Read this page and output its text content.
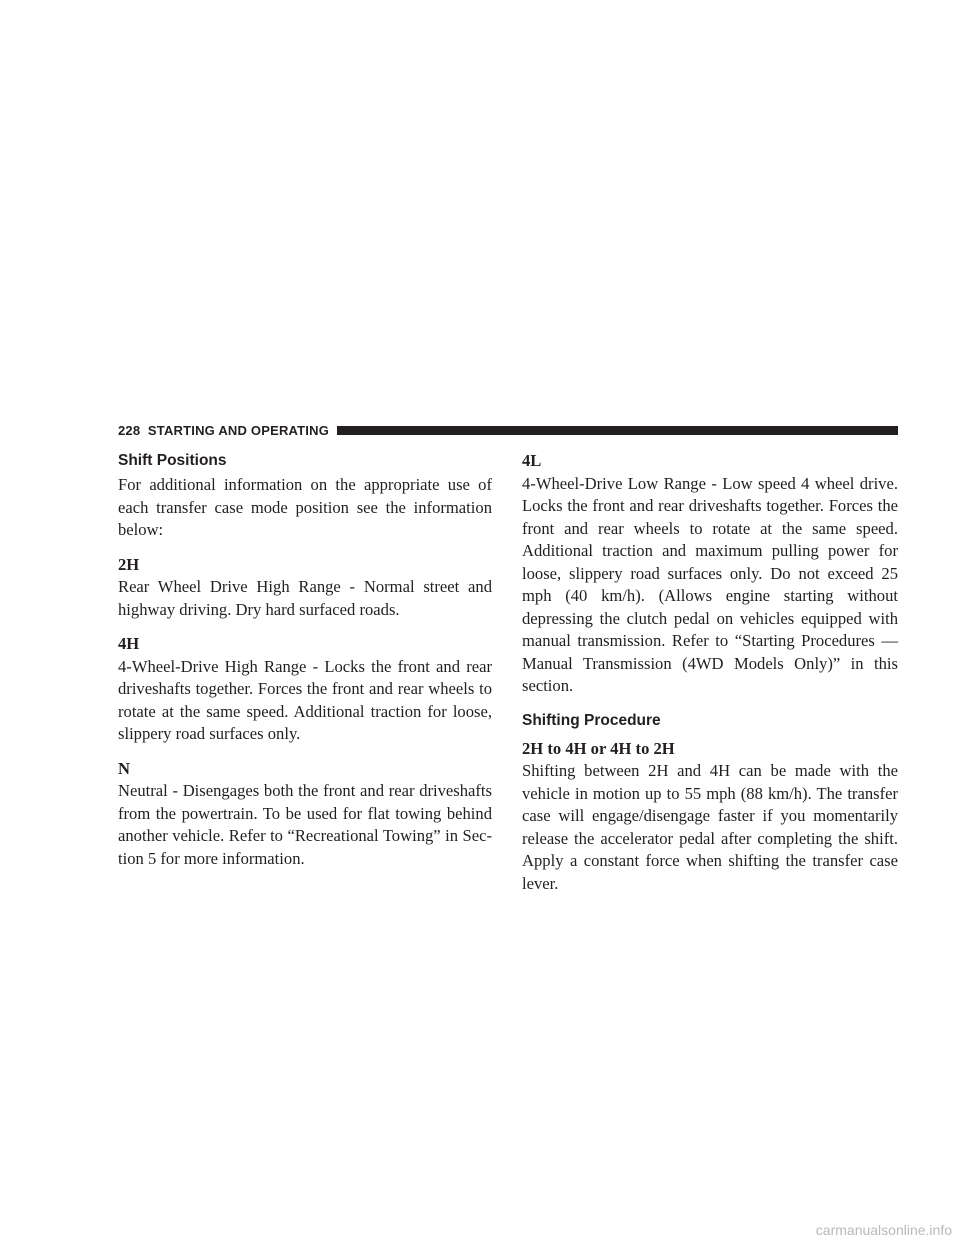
228 STARTING AND OPERATING
Shift Positions

For additional information on the appropriate use of each transfer case mode position see the information below:

2H

Rear Wheel Drive High Range - Normal street and highway driving. Dry hard surfaced roads.

4H

4-Wheel-Drive High Range - Locks the front and rear driveshafts together. Forces the front and rear wheels to rotate at the same speed. Additional traction for loose, slippery road surfaces only.

N

Neutral - Disengages both the front and rear driveshafts from the powertrain. To be used for flat towing behind another vehicle. Refer to “Recreational Towing” in Sec- tion 5 for more information.

4L

4-Wheel-Drive Low Range - Low speed 4 wheel drive. Locks the front and rear driveshafts together. Forces the front and rear wheels to rotate at the same speed. Additional traction and maximum pulling power for loose, slippery road surfaces only. Do not exceed 25 mph (40 km/h). (Allows engine starting without depressing the clutch pedal on vehicles equipped with manual transmission. Refer to “Starting Procedures — Manual Transmission (4WD Models Only)” in this section.

Shifting Procedure
2H to 4H or 4H to 2H

Shifting between 2H and 4H can be made with the vehicle in motion up to 55 mph (88 km/h). The transfer case will engage/disengage faster if you momentarily release the accelerator pedal after completing the shift. Apply a constant force when shifting the transfer case lever.

carmanualsonline.info
